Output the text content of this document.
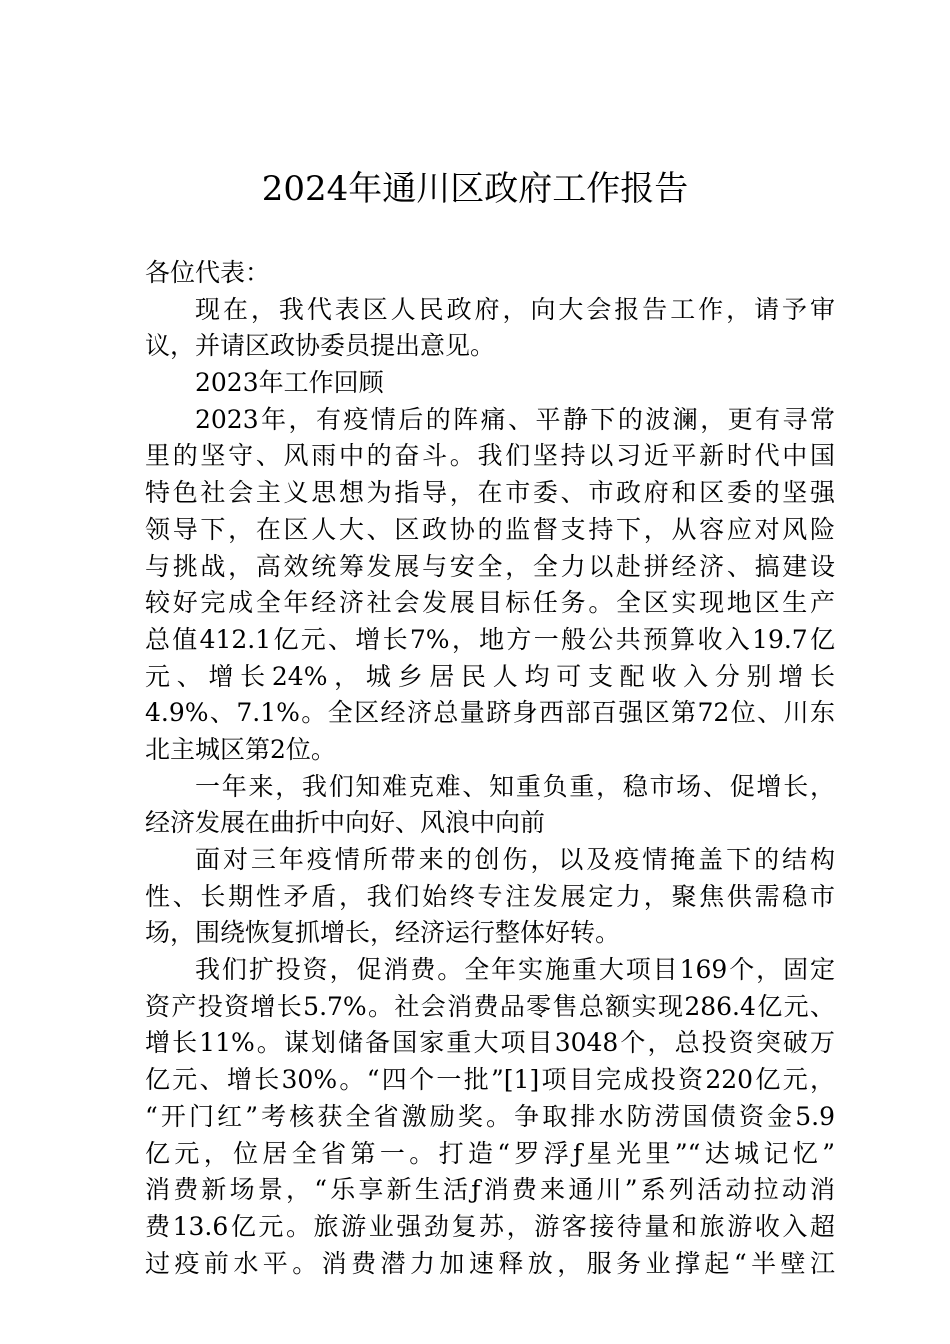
2024年通川区政府工作报告
各位代表：
现在，我代表区人民政府，向大会报告工作，请予审
议，并请区政协委员提出意见。
2023年工作回顾
2023年，有疫情后的阵痛、平静下的波澜，更有寻常
里的坚守、风雨中的奋斗。我们坚持以习近平新时代中国
特色社会主义思想为指导，在市委、市政府和区委的坚强
领导下，在区人大、区政协的监督支持下，从容应对风险
与挑战，高效统筹发展与安全，全力以赴拼经济、搞建设
较好完成全年经济社会发展目标任务。全区实现地区生产
总值412.1亿元、增长7%，地方一般公共预算收入19.7亿
元、增长24%，城乡居民人均可支配收入分别增长
4.9%、7.1%。全区经济总量跻身西部百强区第72位、川东
北主城区第2位。
一年来，我们知难克难、知重负重，稳市场、促增长，
经济发展在曲折中向好、风浪中向前
面对三年疫情所带来的创伤，以及疫情掩盖下的结构
性、长期性矛盾，我们始终专注发展定力，聚焦供需稳市
场，围绕恢复抓增长，经济运行整体好转。
我们扩投资，促消费。全年实施重大项目169个，固定
资产投资增长5.7%。社会消费品零售总额实现286.4亿元、
增长11%。谋划储备国家重大项目3048个，总投资突破万
亿元、增长30%。“四个一批”[1]项目完成投资220亿元，
“开门红”考核获全省激励奖。争取排水防涝国债资金5.9
亿元，位居全省第一。打造“罗浮ƒ星光里”“达城记忆”
消费新场景，“乐享新生活ƒ消费来通川”系列活动拉动消
费13.6亿元。旅游业强劲复苏，游客接待量和旅游收入超
过疫前水平。消费潜力加速释放，服务业撑起“半壁江
